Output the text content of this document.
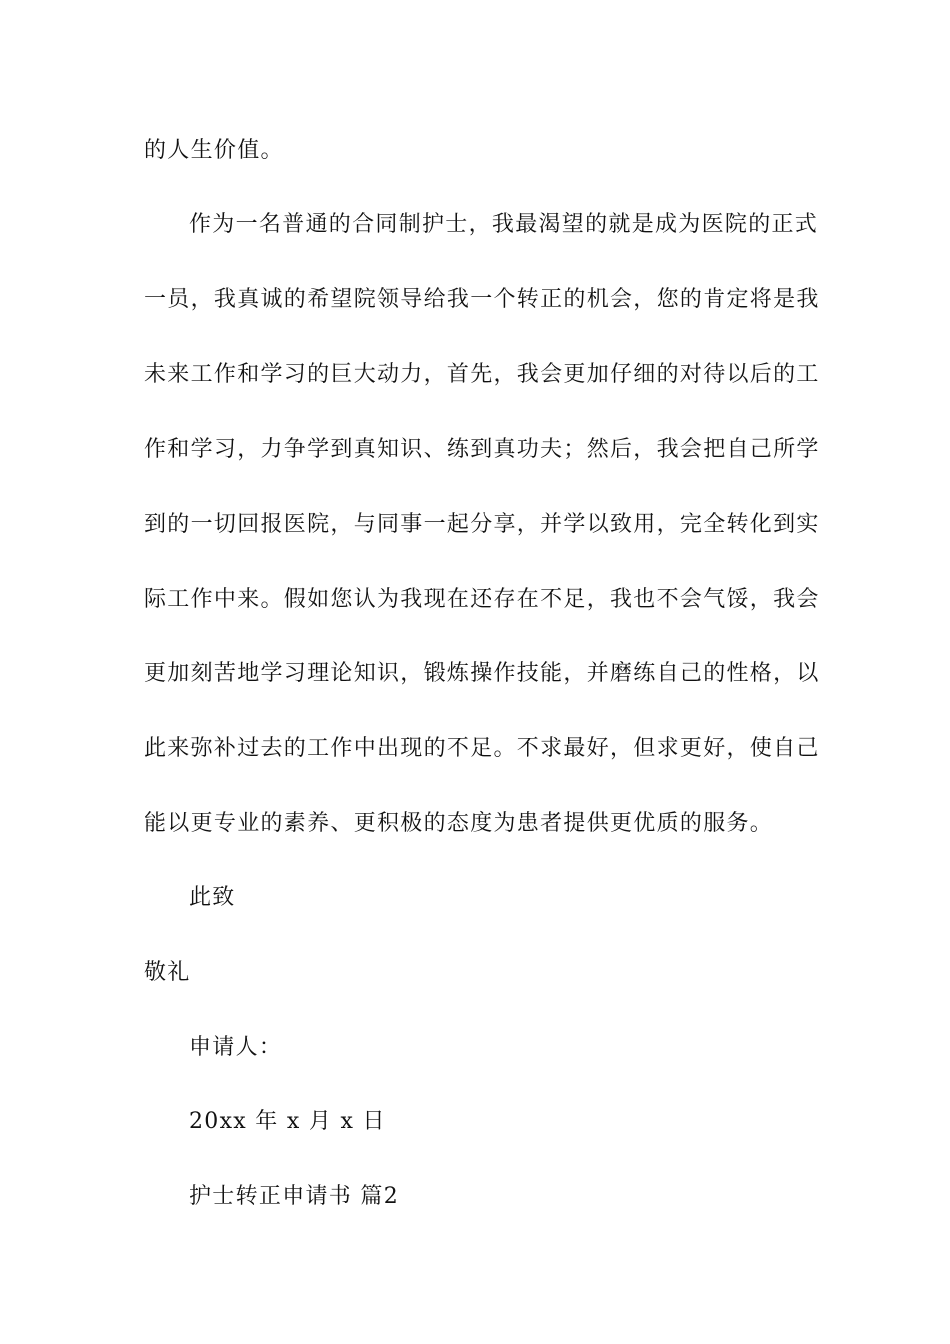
的人生价值。
作为一名普通的合同制护士，我最渴望的就是成为医院的正式
一员，我真诚的希望院领导给我一个转正的机会，您的肯定将是我
未来工作和学习的巨大动力，首先，我会更加仔细的对待以后的工
作和学习，力争学到真知识、练到真功夫；然后，我会把自己所学
到的一切回报医院，与同事一起分享，并学以致用，完全转化到实
际工作中来。假如您认为我现在还存在不足，我也不会气馁，我会
更加刻苦地学习理论知识，锻炼操作技能，并磨练自己的性格，以
此来弥补过去的工作中出现的不足。不求最好，但求更好，使自己
能以更专业的素养、更积极的态度为患者提供更优质的服务。
此致
敬礼
申请人：
20xx 年 x 月 x 日
护士转正申请书 篇2
